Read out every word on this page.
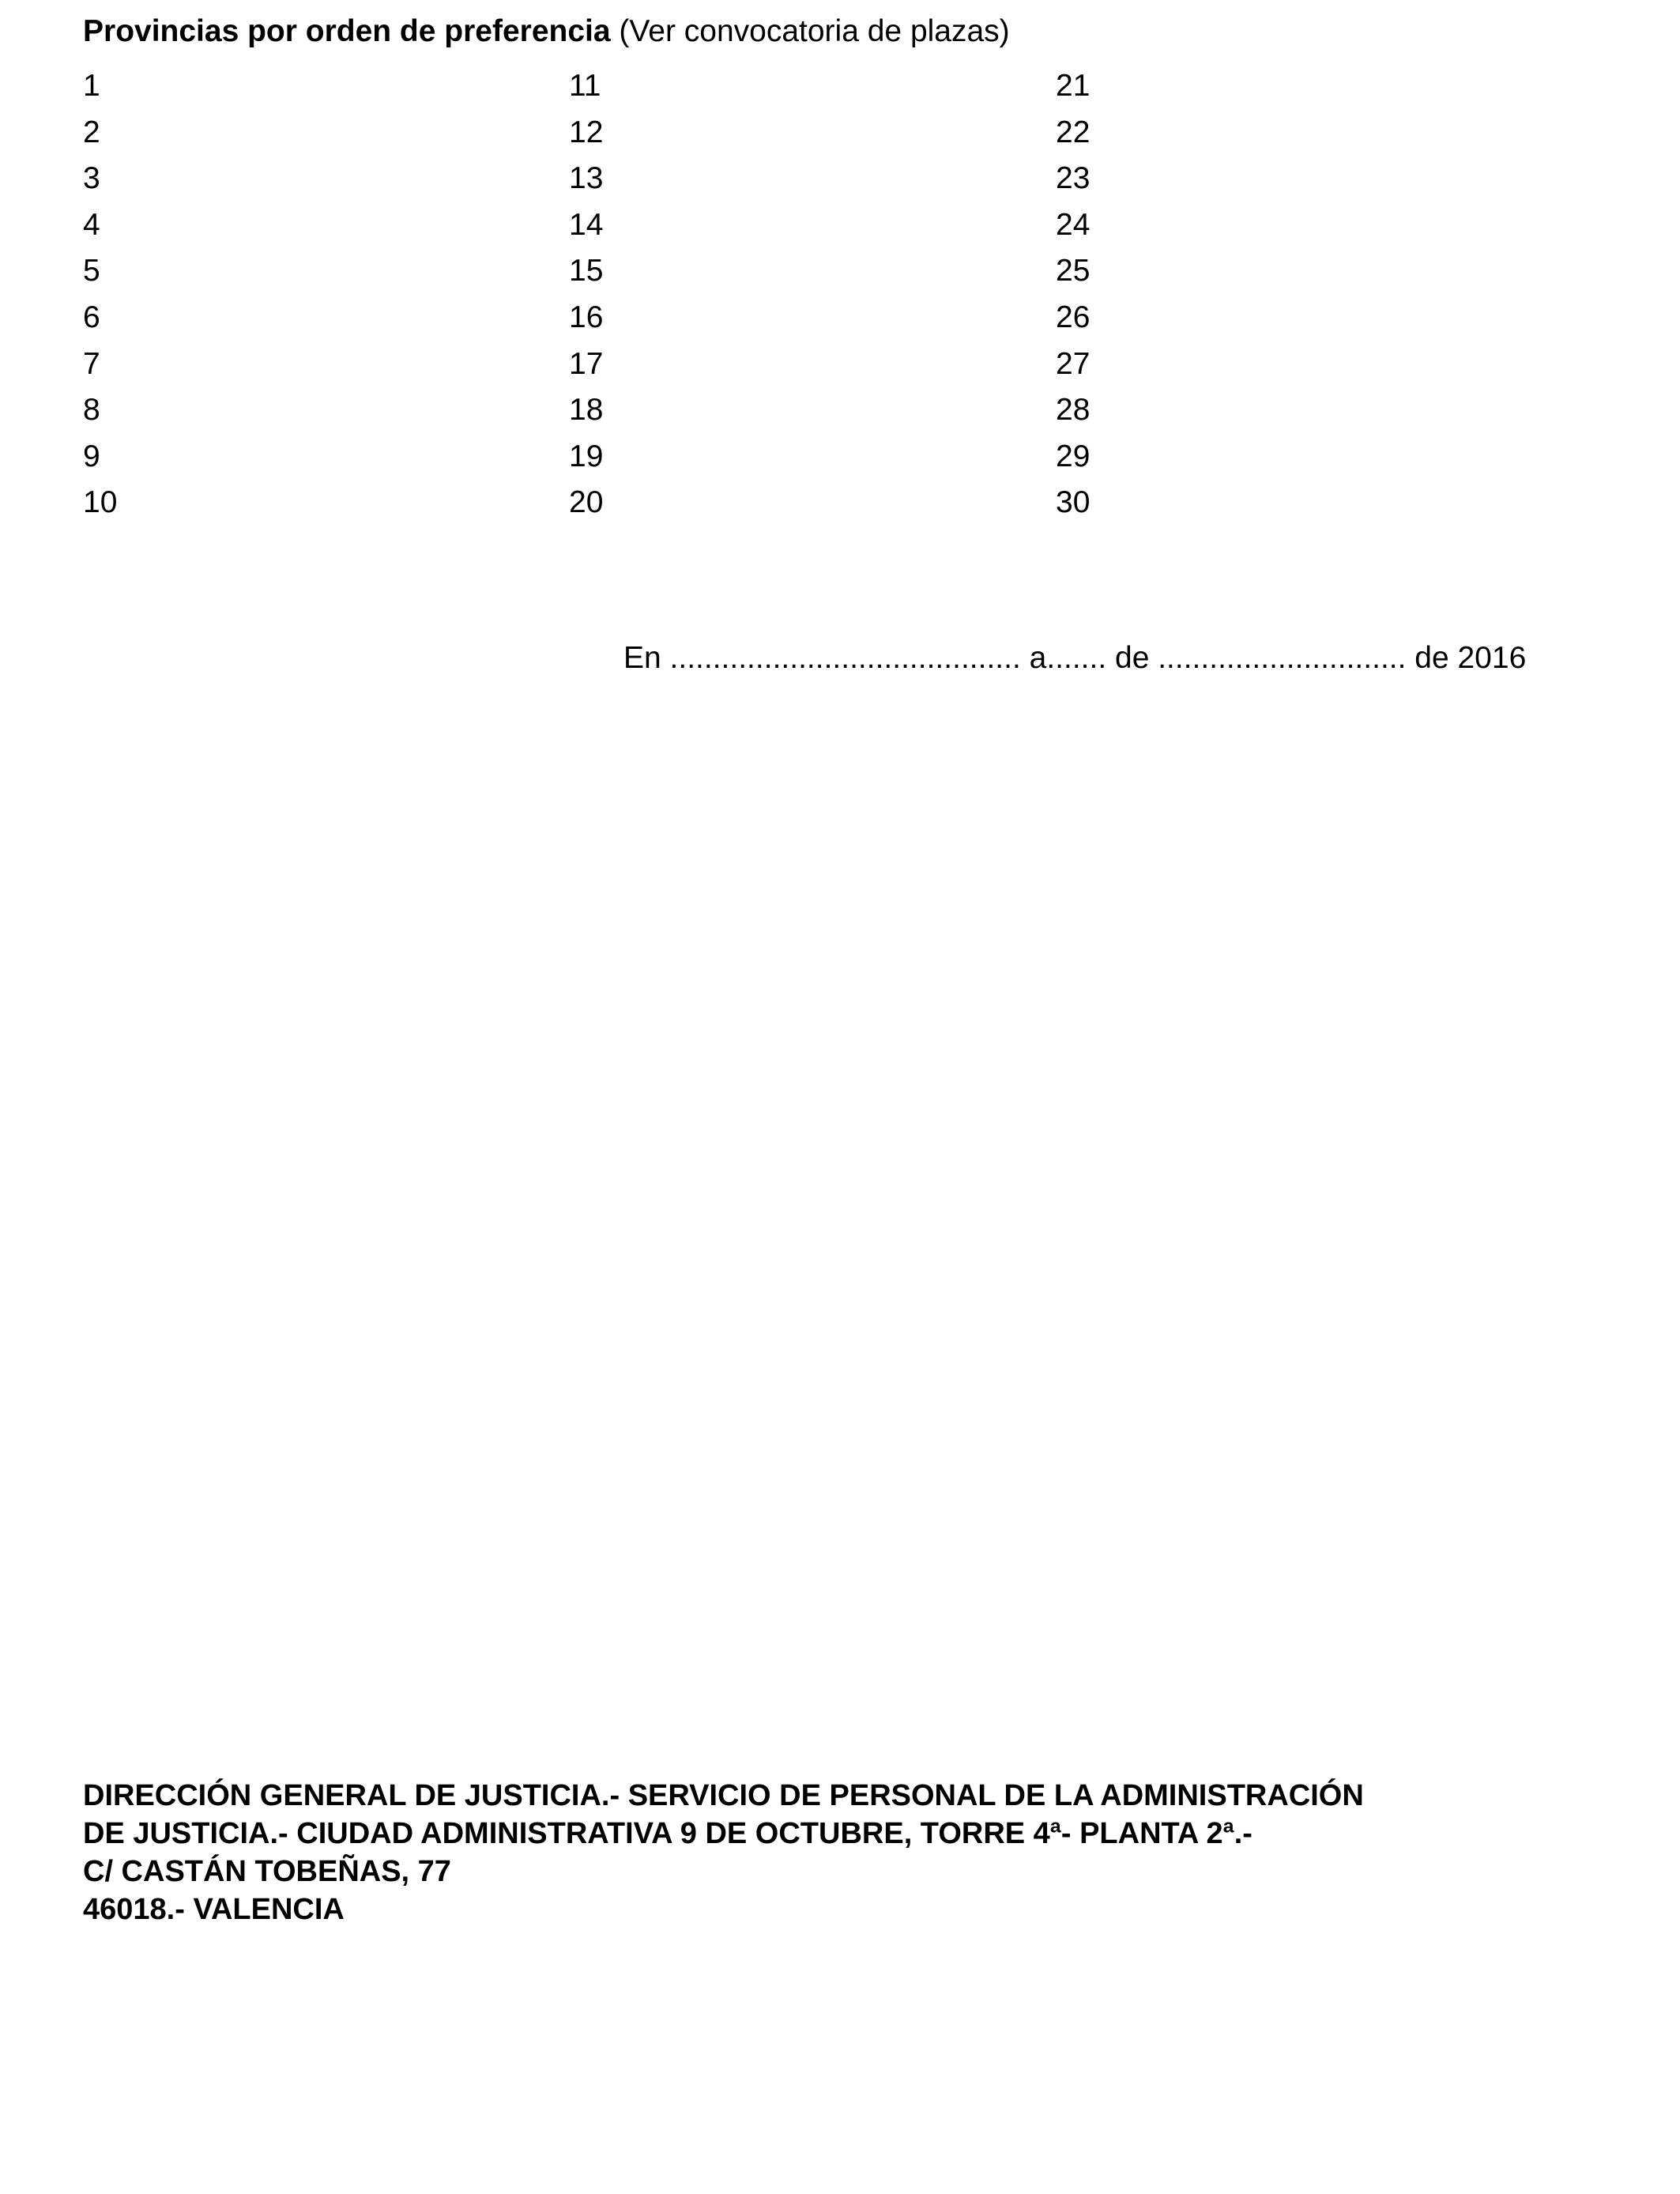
Provincias por orden de preferencia (Ver convocatoria de plazas)
1
2
3
4
5
6
7
8
9
10
11
12
13
14
15
16
17
18
19
20
21
22
23
24
25
26
27
28
29
30
En ......................................... a....... de ............................. de 2016
DIRECCIÓN GENERAL DE JUSTICIA.- SERVICIO DE PERSONAL DE LA ADMINISTRACIÓN
DE JUSTICIA.- CIUDAD ADMINISTRATIVA 9 DE OCTUBRE, TORRE 4ª- PLANTA 2ª.-
C/ CASTÁN TOBEÑAS, 77
46018.- VALENCIA
